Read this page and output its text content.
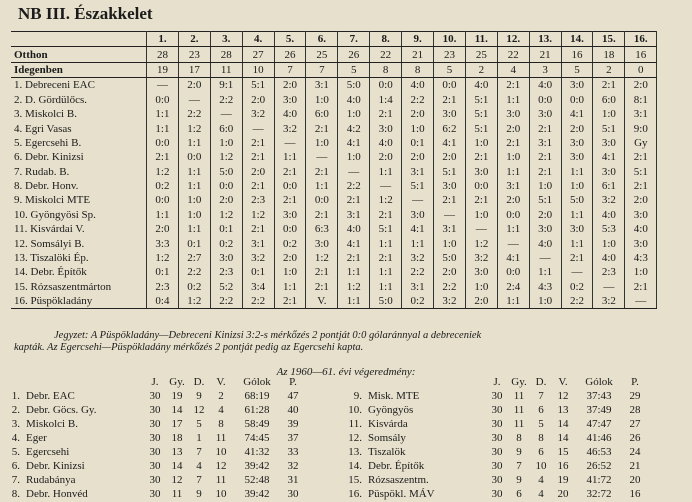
NB III. Északkelet
	1.	2.	3.	4.	5.	6.	7.	8.	9.	10.	11.	12.	13.	14.	15.	16.
Otthon	28	23	28	27	26	25	26	22	21	23	25	22	21	16	18	16
Idegenben	19	17	11	10	7	7	5	8	8	5	2	4	3	5	2	0
1. Debreceni EAC	—	2:0	9:1	5:1	2:0	3:1	5:0	0:0	4:0	0:0	4:0	2:1	4:0	3:0	2:1	2:0
2. D. Gördülőcs.	0:0	—	2:2	2:0	3:0	1:0	4:0	1:4	2:2	2:1	5:1	1:1	0:0	0:0	6:0	8:1
3. Miskolci B.	1:1	2:2	—	3:2	4:0	6:0	1:0	2:1	2:0	3:0	5:1	3:0	3:0	4:1	1:0	3:1
4. Egri Vasas	1:1	1:2	6:0	—	3:2	2:1	4:2	3:0	1:0	6:2	5:1	2:0	2:1	2:0	5:1	9:0
5. Egercsehi B.	0:0	1:1	1:0	2:1	—	1:0	4:1	4:0	0:1	4:1	1:0	2:1	3:1	3:0	3:0	Gy
6. Debr. Kinizsi	2:1	0:0	1:2	2:1	1:1	—	1:0	2:0	2:0	2:0	2:1	1:0	2:1	3:0	4:1	2:1
7. Rudab. B.	1:2	1:1	5:0	2:0	2:1	2:1	—	1:1	3:1	5:1	3:0	1:1	2:1	1:1	3:0	5:1
8. Debr. Honv.	0:2	1:1	0:0	2:1	0:0	1:1	2:2	—	5:1	3:0	0:0	3:1	1:0	1:0	6:1	2:1
9. Miskolci MTE	0:0	1:0	2:0	2:3	2:1	0:0	2:1	1:2	—	2:1	2:1	2:0	5:1	5:0	3:2	2:0
10. Gyöngyösi Sp.	1:1	1:0	1:2	1:2	3:0	2:1	3:1	2:1	3:0	—	1:0	0:0	2:0	1:1	4:0	3:0
11. Kisvárdai V.	2:0	1:1	0:1	2:1	0:0	6:3	4:0	5:1	4:1	3:1	—	1:1	3:0	3:0	5:3	4:0
12. Somsályi B.	3:3	0:1	0:2	3:1	0:2	3:0	4:1	1:1	1:1	1:0	1:2	—	4:0	1:1	1:0	3:0
13. Tiszalöki Ép.	1:2	2:7	3:0	3:2	2:0	1:2	2:1	2:1	3:2	5:0	3:2	4:1	—	2:1	4:0	4:3
14. Debr. Építők	0:1	2:2	2:3	0:1	1:0	2:1	1:1	1:1	2:2	2:0	3:0	0:0	1:1	—	2:3	1:0
15. Rózsaszentmárton	2:3	0:2	5:2	3:4	1:1	2:1	1:2	1:1	3:1	2:2	1:0	2:4	4:3	0:2	—	2:1
16. Püspökladány	0:4	1:2	2:2	2:2	2:1	V.	1:1	5:0	0:2	3:2	2:0	1:1	1:0	2:2	3:2	—

Jegyzet: A Püspökladány—Debreceni Kinizsi 3:2-s mérkőzés 2 pontját 0:0 gólaránnyal a debreceniek

kapták. Az Egercsehi—Püspökladány mérkőzés 2 pontját pedig az Egercsehi kapta.

Az 1960—61. évi végeredmény:
		J.	Gy.	D.	V.	Gólok	P.
1.	Debr. EAC	30	19	9	2	68:19	47
2.	Debr. Göcs. Gy.	30	14	12	4	61:28	40
3.	Miskolci B.	30	17	5	8	58:49	39
4.	Eger	30	18	1	11	74:45	37
5.	Egercsehi	30	13	7	10	41:32	33
6.	Debr. Kinizsi	30	14	4	12	39:42	32
7.	Rudabánya	30	12	7	11	52:48	31
8.	Debr. Honvéd	30	11	9	10	39:42	30
		J.	Gy.	D.	V.	Gólok	P.
9.	Misk. MTE	30	11	7	12	37:43	29
10.	Gyöngyös	30	11	6	13	37:49	28
11.	Kisvárda	30	11	5	14	47:47	27
12.	Somsály	30	8	8	14	41:46	26
13.	Tiszalök	30	9	6	15	46:53	24
14.	Debr. Építők	30	7	10	16	26:52	21
15.	Rózsaszentm.	30	9	4	19	41:72	20
16.	Püspökl. MÁV	30	6	4	20	32:72	16
